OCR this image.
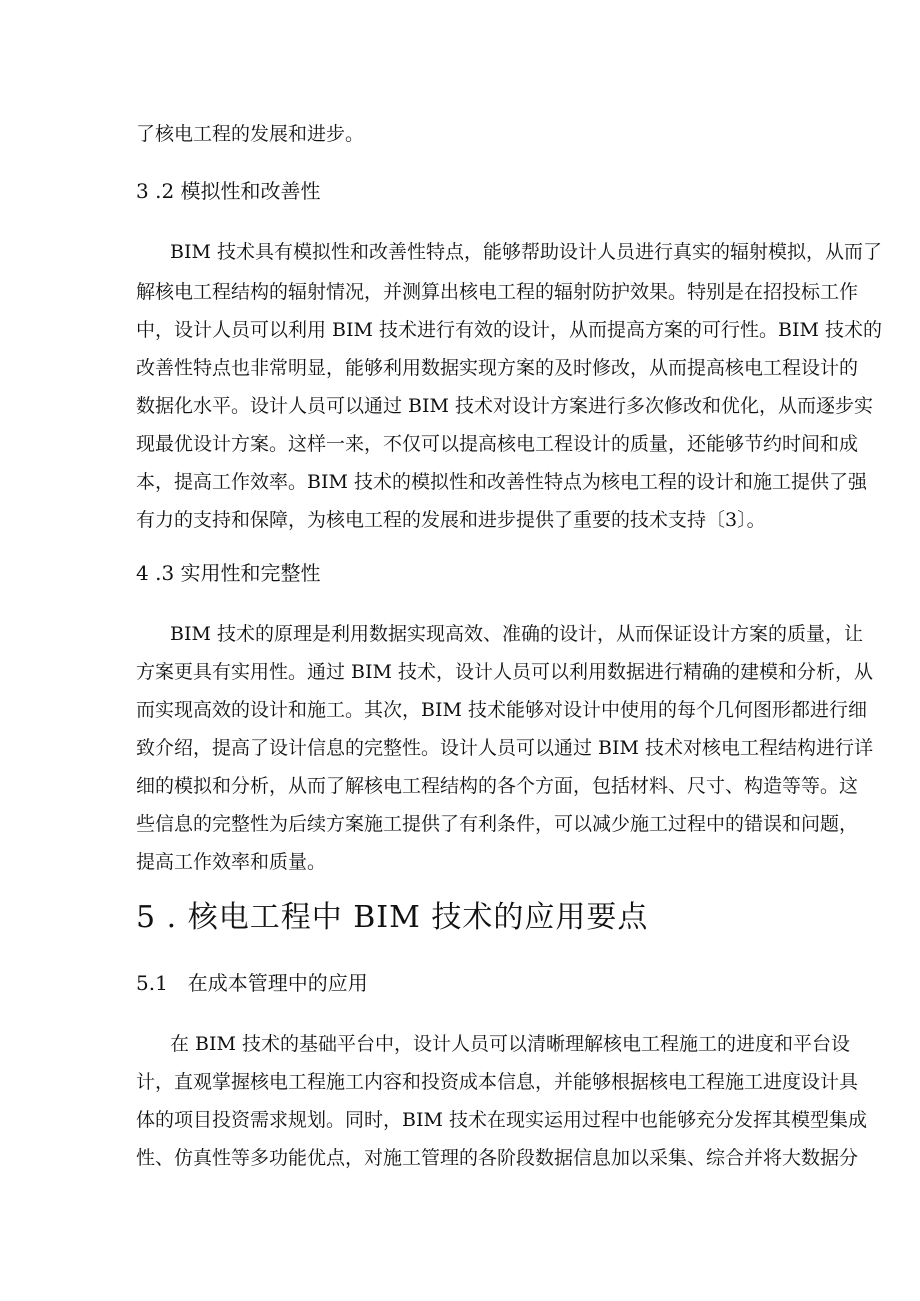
了核电工程的发展和进步。
3 .2 模拟性和改善性
BIM 技术具有模拟性和改善性特点，能够帮助设计人员进行真实的辐射模拟，从而了
解核电工程结构的辐射情况，并测算出核电工程的辐射防护效果。特别是在招投标工作
中，设计人员可以利用 BIM 技术进行有效的设计，从而提高方案的可行性。BIM 技术的
改善性特点也非常明显，能够利用数据实现方案的及时修改，从而提高核电工程设计的
数据化水平。设计人员可以通过 BIM 技术对设计方案进行多次修改和优化，从而逐步实
现最优设计方案。这样一来，不仅可以提高核电工程设计的质量，还能够节约时间和成
本，提高工作效率。BIM 技术的模拟性和改善性特点为核电工程的设计和施工提供了强
有力的支持和保障，为核电工程的发展和进步提供了重要的技术支持〔3〕。
4 .3 实用性和完整性
BIM 技术的原理是利用数据实现高效、准确的设计，从而保证设计方案的质量，让
方案更具有实用性。通过 BIM 技术，设计人员可以利用数据进行精确的建模和分析，从
而实现高效的设计和施工。其次，BIM 技术能够对设计中使用的每个几何图形都进行细
致介绍，提高了设计信息的完整性。设计人员可以通过 BIM 技术对核电工程结构进行详
细的模拟和分析，从而了解核电工程结构的各个方面，包括材料、尺寸、构造等等。这
些信息的完整性为后续方案施工提供了有利条件，可以减少施工过程中的错误和问题，
提高工作效率和质量。
5 . 核电工程中 BIM 技术的应用要点
5.1　在成本管理中的应用
在 BIM 技术的基础平台中，设计人员可以清晰理解核电工程施工的进度和平台设
计，直观掌握核电工程施工内容和投资成本信息，并能够根据核电工程施工进度设计具
体的项目投资需求规划。同时，BIM 技术在现实运用过程中也能够充分发挥其模型集成
性、仿真性等多功能优点，对施工管理的各阶段数据信息加以采集、综合并将大数据分
